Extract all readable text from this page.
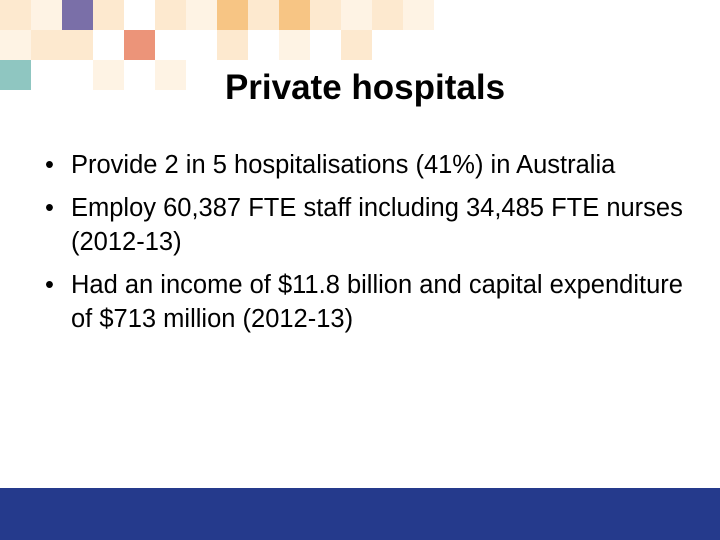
Private hospitals
• Provide 2 in 5 hospitalisations (41%) in Australia
• Employ 60,387 FTE staff including 34,485 FTE nurses (2012-13)
• Had an income of $11.8 billion and capital expenditure of $713 million (2012-13)
